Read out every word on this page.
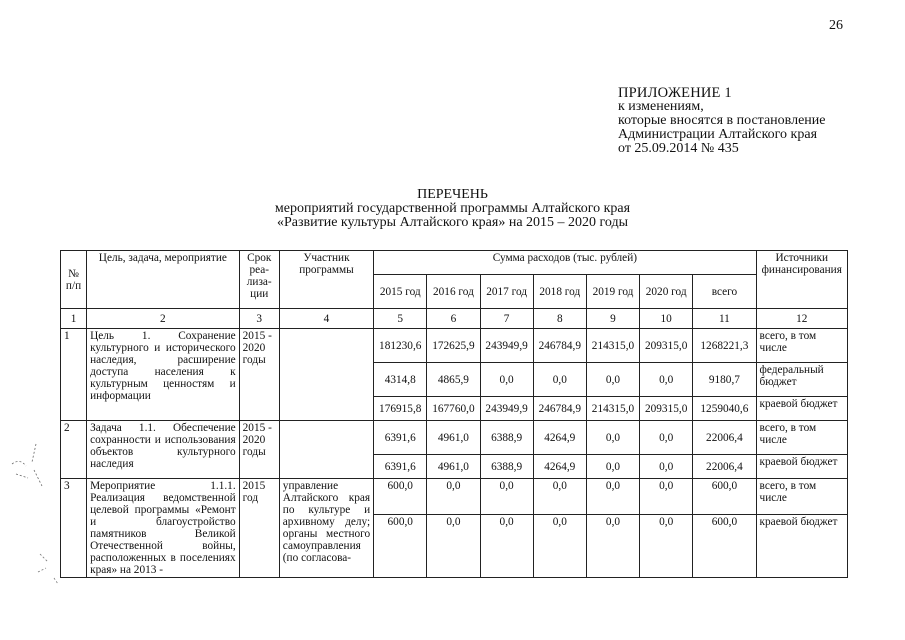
26
ПРИЛОЖЕНИЕ 1
к изменениям,
которые вносятся в постановление
Администрации Алтайского края
от 25.09.2014 № 435
ПЕРЕЧЕНЬ
мероприятий государственной программы Алтайского края
«Развитие культуры Алтайского края» на 2015 – 2020 годы
№ п/п	Цель, задача, мероприятие	Срок реа-лиза-ции	Участник программы	Сумма расходов (тыс. рублей)							Источники финансирования
				2015 год	2016 год	2017 год	2018 год	2019 год	2020 год	всего	
1	2	3	4	5	6	7	8	9	10	11	12
1	Цель 1. Сохранение культурного и исторического наследия, расширение доступа населения к культурным ценностям и информации	2015 - 2020 годы		181230,6	172625,9	243949,9	246784,9	214315,0	209315,0	1268221,3	всего, в том числе
				4314,8	4865,9	0,0	0,0	0,0	0,0	9180,7	федеральный бюджет
				176915,8	167760,0	243949,9	246784,9	214315,0	209315,0	1259040,6	краевой бюджет
2	Задача 1.1. Обеспечение сохранности и использования объектов культурного наследия	2015 - 2020 годы		6391,6	4961,0	6388,9	4264,9	0,0	0,0	22006,4	всего, в том числе
				6391,6	4961,0	6388,9	4264,9	0,0	0,0	22006,4	краевой бюджет
3	Мероприятие 1.1.1. Реализация ведомственной целевой программы «Ремонт и благоустройство памятников Великой Отечественной войны, расположенных в поселениях края» на 2013 -	2015 год	управление Алтайского края по культуре и архивному делу; органы местного самоуправления (по согласова-	600,0	0,0	0,0	0,0	0,0	0,0	600,0	всего, в том числе
				600,0	0,0	0,0	0,0	0,0	0,0	600,0	краевой бюджет
